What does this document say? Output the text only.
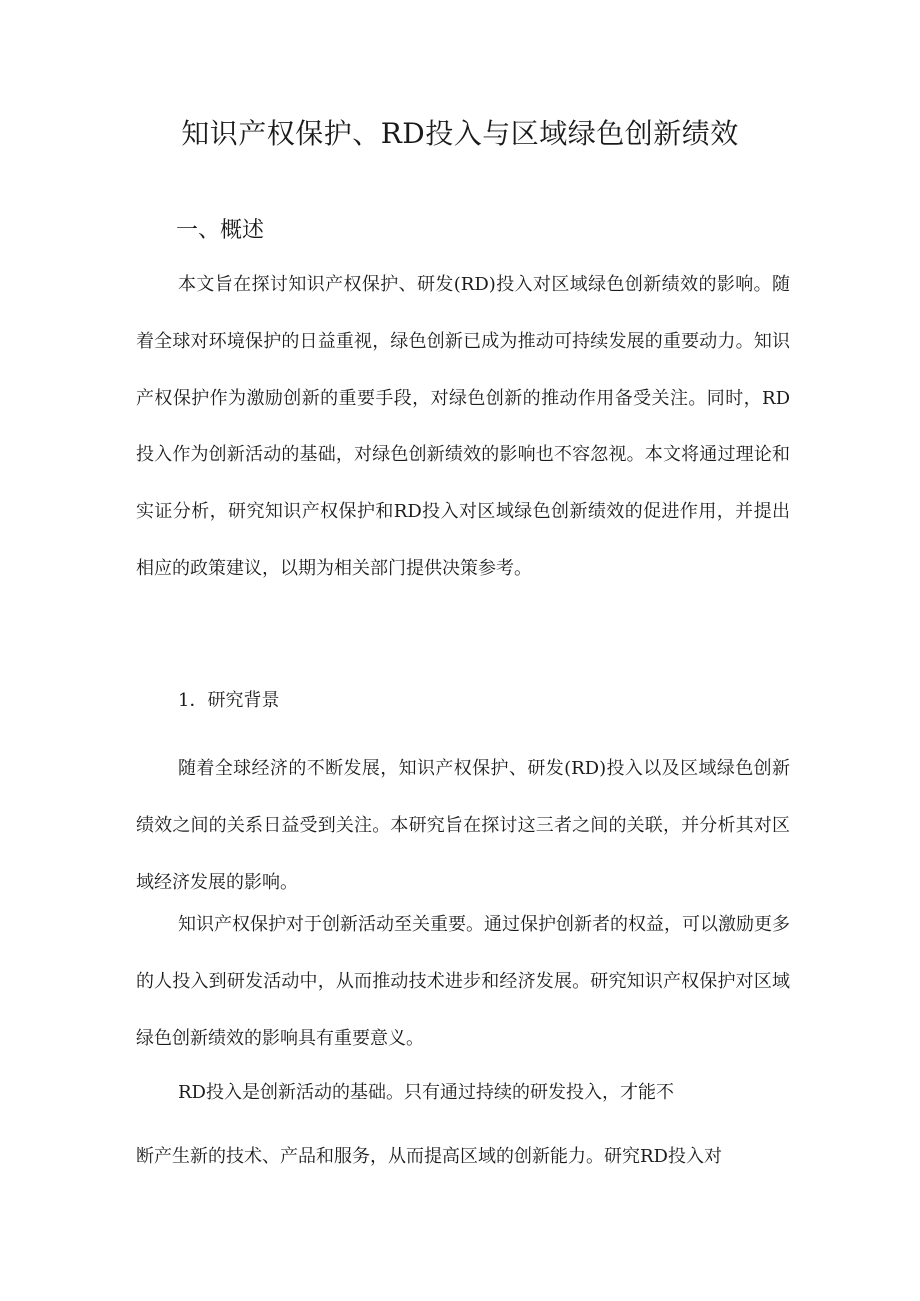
知识产权保护、RD投入与区域绿色创新绩效
一、概述

本文旨在探讨知识产权保护、研发(RD)投入对区域绿色创新绩效的影响。随着全球对环境保护的日益重视，绿色创新已成为推动可持续发展的重要动力。知识产权保护作为激励创新的重要手段，对绿色创新的推动作用备受关注。同时，RD投入作为创新活动的基础，对绿色创新绩效的影响也不容忽视。本文将通过理论和实证分析，研究知识产权保护和RD投入对区域绿色创新绩效的促进作用，并提出相应的政策建议，以期为相关部门提供决策参考。

1．研究背景

随着全球经济的不断发展，知识产权保护、研发(RD)投入以及区域绿色创新绩效之间的关系日益受到关注。本研究旨在探讨这三者之间的关联，并分析其对区域经济发展的影响。

知识产权保护对于创新活动至关重要。通过保护创新者的权益，可以激励更多的人投入到研发活动中，从而推动技术进步和经济发展。研究知识产权保护对区域绿色创新绩效的影响具有重要意义。

RD投入是创新活动的基础。只有通过持续的研发投入，才能不

断产生新的技术、产品和服务，从而提高区域的创新能力。研究RD投入对
